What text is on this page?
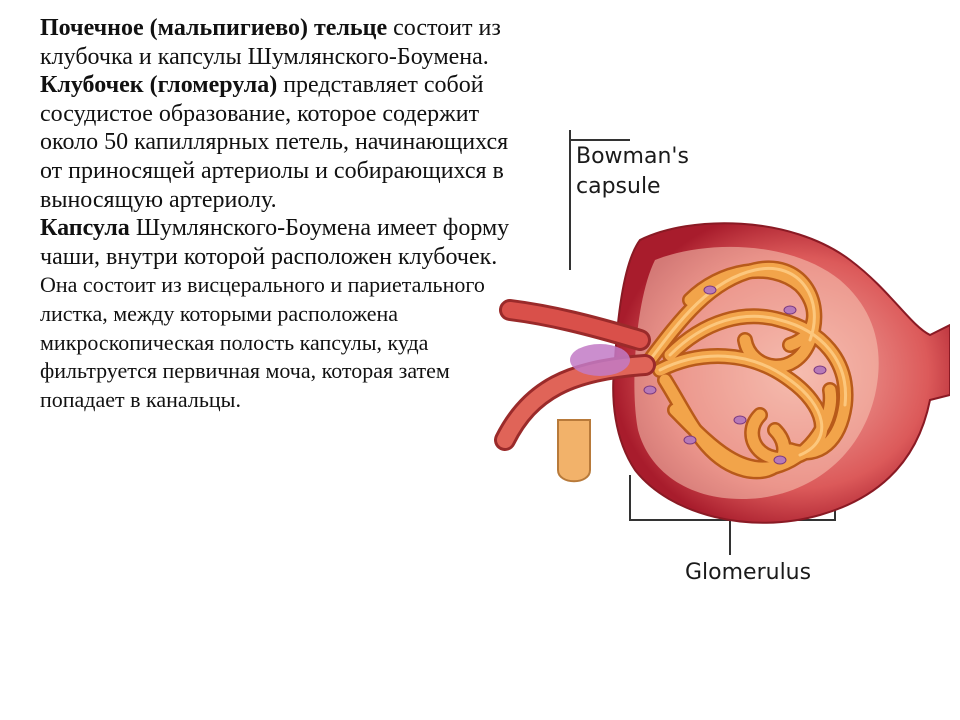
Почечное (мальпигиево) тельце состоит из клубочка и капсулы Шумлянского-Боумена.

Клубочек (гломерула) представляет собой сосудистое образование, которое содержит около 50 капиллярных петель, начинающихся от приносящей артериолы и собирающихся в выносящую артериолу.

Капсула Шумлянского-Боумена имеет форму чаши, внутри которой расположен клубочек. Она состоит из висцерального и париетального листка, между которыми расположена микроскопическая полость капсулы, куда фильтруется первичная моча, которая затем попадает в канальцы.

Bowman's capsule
Glomerulus
